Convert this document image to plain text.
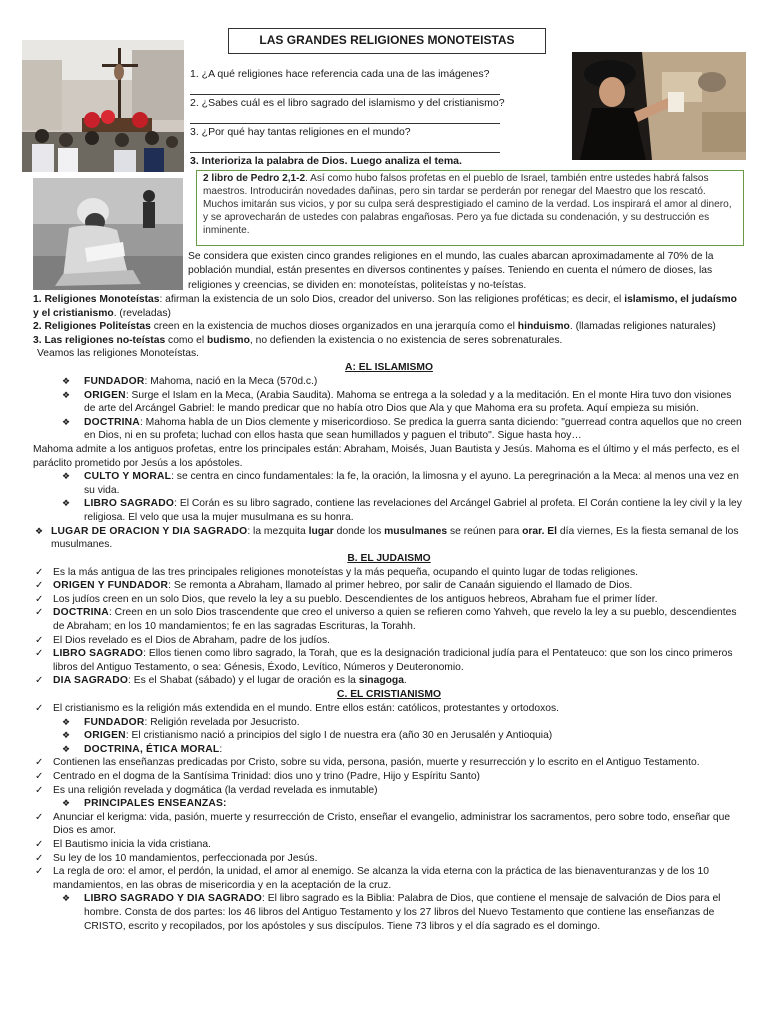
LAS GRANDES RELIGIONES MONOTEISTAS
1. ¿A qué religiones hace referencia cada una de las imágenes?
2. ¿Sabes cuál es el libro sagrado del islamismo y del cristianismo?
3. ¿Por qué hay tantas religiones en el mundo?
3. Interioriza la palabra de Dios. Luego analiza el tema.
2 libro de Pedro 2,1-2. Así como hubo falsos profetas en el pueblo de Israel, también entre ustedes habrá falsos maestros. Introducirán novedades dañinas, pero sin tardar se perderán por renegar del Maestro que los rescató. Muchos imitarán sus vicios, y por su culpa será desprestigiado el camino de la verdad. Los inspirará el amor al dinero, y se aprovecharán de ustedes con palabras engañosas. Pero ya fue dictada su condenación, y su destrucción es inminente.

Se considera que existen cinco grandes religiones en el mundo, las cuales abarcan aproximadamente al 70% de la población mundial, están presentes en diversos continentes y países. Teniendo en cuenta el número de dioses, las religiones y creencias, se dividen en: monoteístas, politeístas y no-teístas.

1. Religiones Monoteístas: afirman la existencia de un solo Dios, creador del universo. Son las religiones proféticas; es decir, el islamismo, el judaísmo y el cristianismo. (reveladas)

2. Religiones Politeístas creen en la existencia de muchos dioses organizados en una jerarquía como el hinduismo. (llamadas religiones naturales)

3. Las religiones no-teístas como el budismo, no defienden la existencia o no existencia de seres sobrenaturales.

Veamos las religiones Monoteístas.

A: EL ISLAMISMO

❖ FUNDADOR: Mahoma, nació en la Meca (570d.c.)
❖ ORIGEN: Surge el Islam en la Meca, (Arabia Saudita). Mahoma se entrega a la soledad y a la meditación. En el monte Hira tuvo don visiones de arte del Arcángel Gabriel: le mando predicar que no había otro Dios que Ala y que Mahoma era su profeta. Aquí empieza su misión.
❖ DOCTRINA: Mahoma habla de un Dios clemente y misericordioso. Se predica la guerra santa diciendo: "guerread contra aquellos que no creen en Dios, ni en su profeta; luchad con ellos hasta que sean humillados y paguen el tributo". Sigue hasta hoy…

Mahoma admite a los antiguos profetas, entre los principales están: Abraham, Moisés, Juan Bautista y Jesús. Mahoma es el último y el más perfecto, es el paráclito prometido por Jesús a los apóstoles.

❖ CULTO Y MORAL: se centra en cinco fundamentales: la fe, la oración, la limosna y el ayuno. La peregrinación a la Meca: al menos una vez en su vida.
❖ LIBRO SAGRADO: El Corán es su libro sagrado, contiene las revelaciones del Arcángel Gabriel al profeta. El Corán contiene la ley civil y la ley religiosa. El velo que usa la mujer musulmana es su honra.
❖ LUGAR DE ORACION Y DIA SAGRADO: la mezquita lugar donde los musulmanes se reúnen para orar. El día viernes, Es la fiesta semanal de los musulmanes.

B. EL JUDAISMO

✓ Es la más antigua de las tres principales religiones monoteístas y la más pequeña, ocupando el quinto lugar de todas religiones.
✓ ORIGEN Y FUNDADOR: Se remonta a Abraham, llamado al primer hebreo, por salir de Canaán siguiendo el llamado de Dios.
✓ Los judíos creen en un solo Dios, que revelo la ley a su pueblo. Descendientes de los antiguos hebreos, Abraham fue el primer líder.
✓ DOCTRINA: Creen en un solo Dios trascendente que creo el universo a quien se refieren como Yahveh, que revelo la ley a su pueblo, descendientes de Abraham; en los 10 mandamientos; fe en las sagradas Escrituras, la Torahh.
✓ El Dios revelado es el Dios de Abraham, padre de los judíos.
✓ LIBRO SAGRADO: Ellos tienen como libro sagrado, la Torah, que es la designación tradicional judía para el Pentateuco: que son los cinco primeros libros del Antiguo Testamento, o sea: Génesis, Éxodo, Levítico, Números y Deuteronomio.
✓ DIA SAGRADO: Es el Shabat (sábado) y el lugar de oración es la sinagoga.

C. EL CRISTIANISMO

✓ El cristianismo es la religión más extendida en el mundo. Entre ellos están: católicos, protestantes y ortodoxos.
❖ FUNDADOR: Religión revelada por Jesucristo.
❖ ORIGEN: El cristianismo nació a principios del siglo I de nuestra era (año 30 en Jerusalén y Antioquia)
❖ DOCTRINA, ÉTICA MORAL:
✓ Contienen las enseñanzas predicadas por Cristo, sobre su vida, persona, pasión, muerte y resurrección y lo escrito en el Antiguo Testamento.
✓ Centrado en el dogma de la Santísima Trinidad: dios uno y trino (Padre, Hijo y Espíritu Santo)
✓ Es una religión revelada y dogmática (la verdad revelada es inmutable)
❖ PRINCIPALES ENSEANZAS:
✓ Anunciar el kerigma: vida, pasión, muerte y resurrección de Cristo, enseñar el evangelio, administrar los sacramentos, pero sobre todo, enseñar que Dios es amor.
✓ El Bautismo inicia la vida cristiana.
✓ Su ley de los 10 mandamientos, perfeccionada por Jesús.
✓ La regla de oro: el amor, el perdón, la unidad, el amor al enemigo. Se alcanza la vida eterna con la práctica de las bienaventuranzas y de los 10 mandamientos, en las obras de misericordia y en la aceptación de la cruz.
❖ LIBRO SAGRADO Y DIA SAGRADO: El libro sagrado es la Biblia: Palabra de Dios, que contiene el mensaje de salvación de Dios para el hombre. Consta de dos partes: los 46 libros del Antiguo Testamento y los 27 libros del Nuevo Testamento que contiene las enseñanzas de CRISTO, escrito y recopilados, por los apóstoles y sus discípulos. Tiene 73 libros y el día sagrado es el domingo.
